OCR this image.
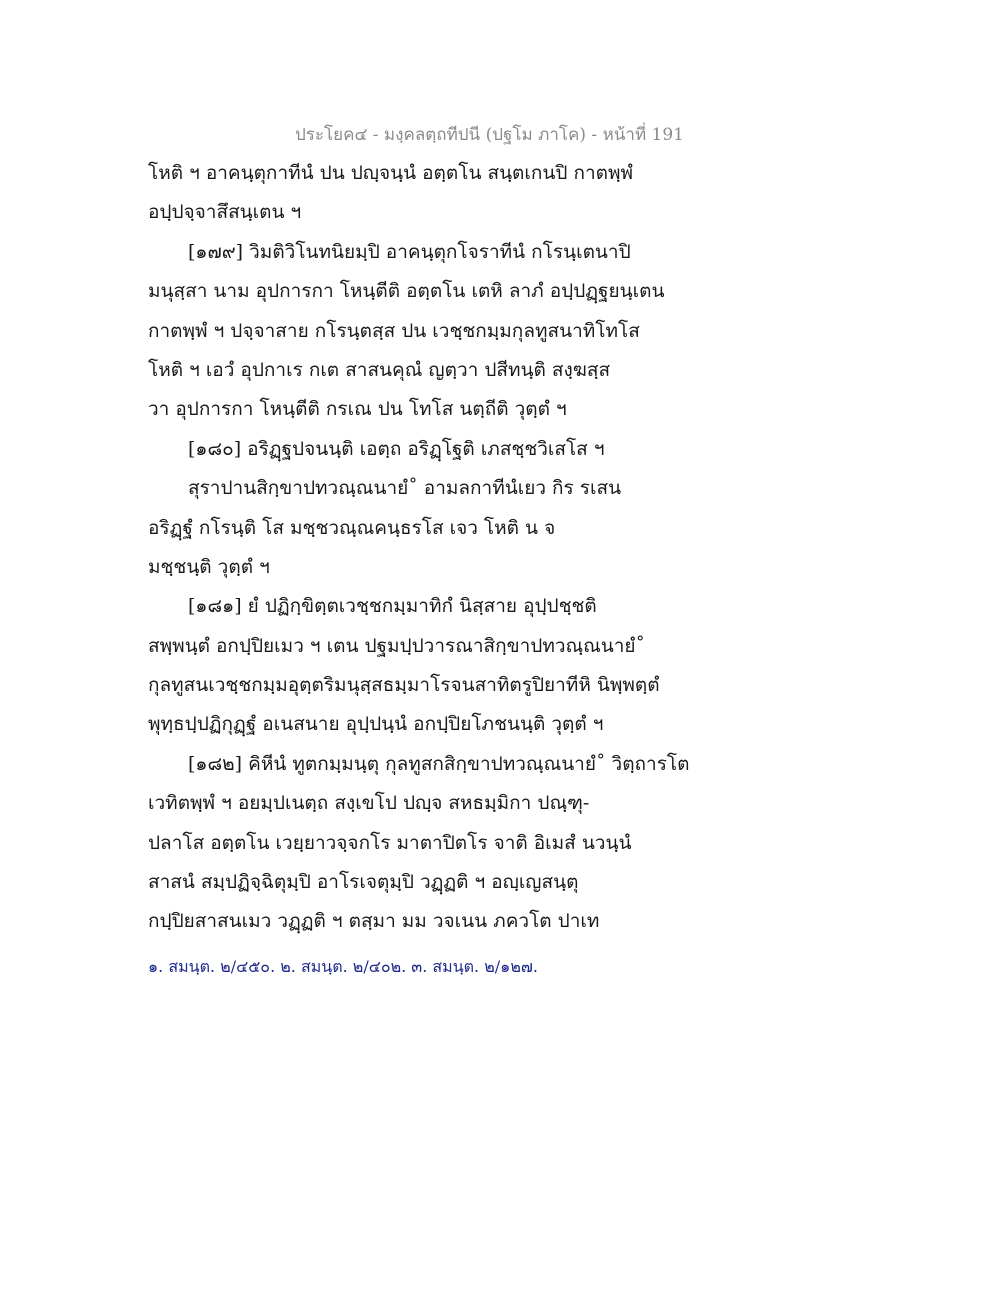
ประโยค๔ - มงฺคลตฺถทีปนี (ปฐโม ภาโค) - หน้าที่ 191
โหติ ฯ อาคนฺตุกาทีนํ ปน ปญฺจนฺนํ อตฺตโน สนฺตเกนปิ กาตพฺพํ
อปฺปจฺจาสึสนฺเตน ฯ
[๑๗๙] วิมติวิโนทนิยมฺปิ อาคนฺตุกโจราทีนํ กโรนฺเตนาปิ
มนุสฺสา นาม อุปการกา โหนฺตีติ อตฺตโน เตหิ ลาภํ อปฺปฏฺฐยนฺเตน
กาตพฺพํ ฯ ปจฺจาสาย กโรนฺตสฺส ปน เวชฺชกมฺมกุลทูสนาทิโทโส
โหติ ฯ เอวํ อุปกาเร กเต สาสนคุณํ ญตฺวา ปสีทนฺติ สงฺฆสฺส
วา อุปการกา โหนฺตีติ กรเณ ปน โทโส นตฺถีติ วุตฺตํ ฯ
[๑๘๐] อริฏฺฐปจนนฺติ เอตฺถ อริฏฺโฐติ เภสชฺชวิเสโส ฯ
สุราปานสิกฺขาปทวณฺณนายํ˚ อามลกาทีนํเยว กิร รเสน
อริฏฺฐํ กโรนฺติ โส มชฺชวณฺณคนฺธรโส เจว โหติ น จ
มชฺชนฺติ วุตฺตํ ฯ
[๑๘๑] ยํ ปฏิกฺขิตฺตเวชฺชกมฺมาทิกํ นิสฺสาย อุปฺปชฺชติ
สพฺพนฺตํ อกปฺปิยเมว ฯ เตน ปฐมปฺปวารณาสิกฺขาปทวณฺณนายํ˚
กุลทูสนเวชฺชกมฺมอุตฺตริมนุสฺสธมฺมาโรจนสาทิตรูปิยาทีหิ นิพฺพตฺตํ
พุทฺธปฺปฏิกุฏฺฐํ อเนสนาย อุปฺปนฺนํ อกปฺปิยโภชนนฺติ วุตฺตํ ฯ
[๑๘๒] คิหีนํ ทูตกมฺมนฺตุ กุลทูสกสิกฺขาปทวณฺณนายํ˚ วิตฺถารโต
เวทิตพฺพํ ฯ อยมฺปเนตฺถ สงฺเขโป ปญฺจ สหธมฺมิกา ปณฺฑุ-
ปลาโส อตฺตโน เวยฺยาวจฺจกโร มาตาปิตโร จาติ อิเมสํ นวนฺนํ
สาสนํ สมฺปฏิจฺฉิตุมฺปิ อาโรเจตุมฺปิ วฏฺฏติ ฯ อญฺเญสนฺตุ
กปฺปิยสาสนเมว วฏฺฏติ ฯ ตสฺมา มม วจเนน ภควโต ปาเท
๑. สมนฺต. ๒/๔๕๐. ๒. สมนฺต. ๒/๔๐๒. ๓. สมนฺต. ๒/๑๒๗.
